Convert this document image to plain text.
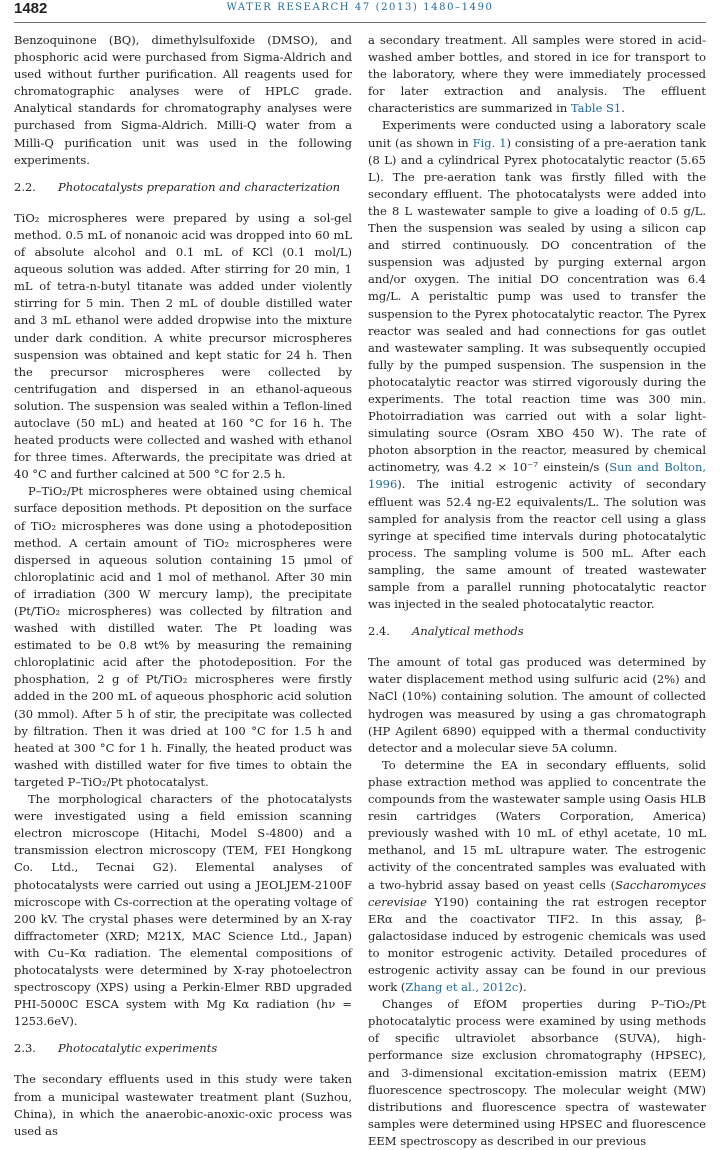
1482	WATER RESEARCH 47 (2013) 1480–1490

Benzoquinone (BQ), dimethylsulfoxide (DMSO), and phosphoric acid were purchased from Sigma-Aldrich and used without further purification. All reagents used for chromatographic analyses were of HPLC grade. Analytical standards for chromatography analyses were purchased from Sigma-Aldrich. Milli-Q water from a Milli-Q purification unit was used in the following experiments.

2.2. Photocatalysts preparation and characterization

TiO₂ microspheres were prepared by using a sol-gel method. 0.5 mL of nonanoic acid was dropped into 60 mL of absolute alcohol and 0.1 mL of KCl (0.1 mol/L) aqueous solution was added. After stirring for 20 min, 1 mL of tetra-n-butyl titanate was added under violently stirring for 5 min. Then 2 mL of double distilled water and 3 mL ethanol were added dropwise into the mixture under dark condition. A white precursor microspheres suspension was obtained and kept static for 24 h. Then the precursor microspheres were collected by centrifugation and dispersed in an ethanol-aqueous solution. The suspension was sealed within a Teflon-lined autoclave (50 mL) and heated at 160 °C for 16 h. The heated products were collected and washed with ethanol for three times. Afterwards, the precipitate was dried at 40 °C and further calcined at 500 °C for 2.5 h.

P–TiO₂/Pt microspheres were obtained using chemical surface deposition methods. Pt deposition on the surface of TiO₂ microspheres was done using a photodeposition method. A certain amount of TiO₂ microspheres were dispersed in aqueous solution containing 15 μmol of chloroplatinic acid and 1 mol of methanol. After 30 min of irradiation (300 W mercury lamp), the precipitate (Pt/TiO₂ microspheres) was collected by filtration and washed with distilled water. The Pt loading was estimated to be 0.8 wt% by measuring the remaining chloroplatinic acid after the photodeposition. For the phosphation, 2 g of Pt/TiO₂ microspheres were firstly added in the 200 mL of aqueous phosphoric acid solution (30 mmol). After 5 h of stir, the precipitate was collected by filtration. Then it was dried at 100 °C for 1.5 h and heated at 300 °C for 1 h. Finally, the heated product was washed with distilled water for five times to obtain the targeted P–TiO₂/Pt photocatalyst.

The morphological characters of the photocatalysts were investigated using a field emission scanning electron microscope (Hitachi, Model S-4800) and a transmission electron microscopy (TEM, FEI Hongkong Co. Ltd., Tecnai G2). Elemental analyses of photocatalysts were carried out using a JEOLJEM-2100F microscope with Cs-correction at the operating voltage of 200 kV. The crystal phases were determined by an X-ray diffractometer (XRD; M21X, MAC Science Ltd., Japan) with Cu–Kα radiation. The elemental compositions of photocatalysts were determined by X-ray photoelectron spectroscopy (XPS) using a Perkin-Elmer RBD upgraded PHI-5000C ESCA system with Mg Kα radiation (hν = 1253.6eV).

2.3. Photocatalytic experiments

The secondary effluents used in this study were taken from a municipal wastewater treatment plant (Suzhou, China), in which the anaerobic-anoxic-oxic process was used as

a secondary treatment. All samples were stored in acid-washed amber bottles, and stored in ice for transport to the laboratory, where they were immediately processed for later extraction and analysis. The effluent characteristics are summarized in Table S1.

Experiments were conducted using a laboratory scale unit (as shown in Fig. 1) consisting of a pre-aeration tank (8 L) and a cylindrical Pyrex photocatalytic reactor (5.65 L). The pre-aeration tank was firstly filled with the secondary effluent. The photocatalysts were added into the 8 L wastewater sample to give a loading of 0.5 g/L. Then the suspension was sealed by using a silicon cap and stirred continuously. DO concentration of the suspension was adjusted by purging external argon and/or oxygen. The initial DO concentration was 6.4 mg/L. A peristaltic pump was used to transfer the suspension to the Pyrex photocatalytic reactor. The Pyrex reactor was sealed and had connections for gas outlet and wastewater sampling. It was subsequently occupied fully by the pumped suspension. The suspension in the photocatalytic reactor was stirred vigorously during the experiments. The total reaction time was 300 min. Photoirradiation was carried out with a solar light-simulating source (Osram XBO 450 W). The rate of photon absorption in the reactor, measured by chemical actinometry, was 4.2 × 10⁻⁷ einstein/s (Sun and Bolton, 1996). The initial estrogenic activity of secondary effluent was 52.4 ng-E2 equivalents/L. The solution was sampled for analysis from the reactor cell using a glass syringe at specified time intervals during photocatalytic process. The sampling volume is 500 mL. After each sampling, the same amount of treated wastewater sample from a parallel running photocatalytic reactor was injected in the sealed photocatalytic reactor.

2.4. Analytical methods

The amount of total gas produced was determined by water displacement method using sulfuric acid (2%) and NaCl (10%) containing solution. The amount of collected hydrogen was measured by using a gas chromatograph (HP Agilent 6890) equipped with a thermal conductivity detector and a molecular sieve 5A column.

To determine the EA in secondary effluents, solid phase extraction method was applied to concentrate the compounds from the wastewater sample using Oasis HLB resin cartridges (Waters Corporation, America) previously washed with 10 mL of ethyl acetate, 10 mL methanol, and 15 mL ultrapure water. The estrogenic activity of the concentrated samples was evaluated with a two-hybrid assay based on yeast cells (Saccharomyces cerevisiae Y190) containing the rat estrogen receptor ERα and the coactivator TIF2. In this assay, β-galactosidase induced by estrogenic chemicals was used to monitor estrogenic activity. Detailed procedures of estrogenic activity assay can be found in our previous work (Zhang et al., 2012c).

Changes of EfOM properties during P–TiO₂/Pt photocatalytic process were examined by using methods of specific ultraviolet absorbance (SUVA), high-performance size exclusion chromatography (HPSEC), and 3-dimensional excitation-emission matrix (EEM) fluorescence spectroscopy. The molecular weight (MW) distributions and fluorescence spectra of wastewater samples were determined using HPSEC and fluorescence EEM spectroscopy as described in our previous
